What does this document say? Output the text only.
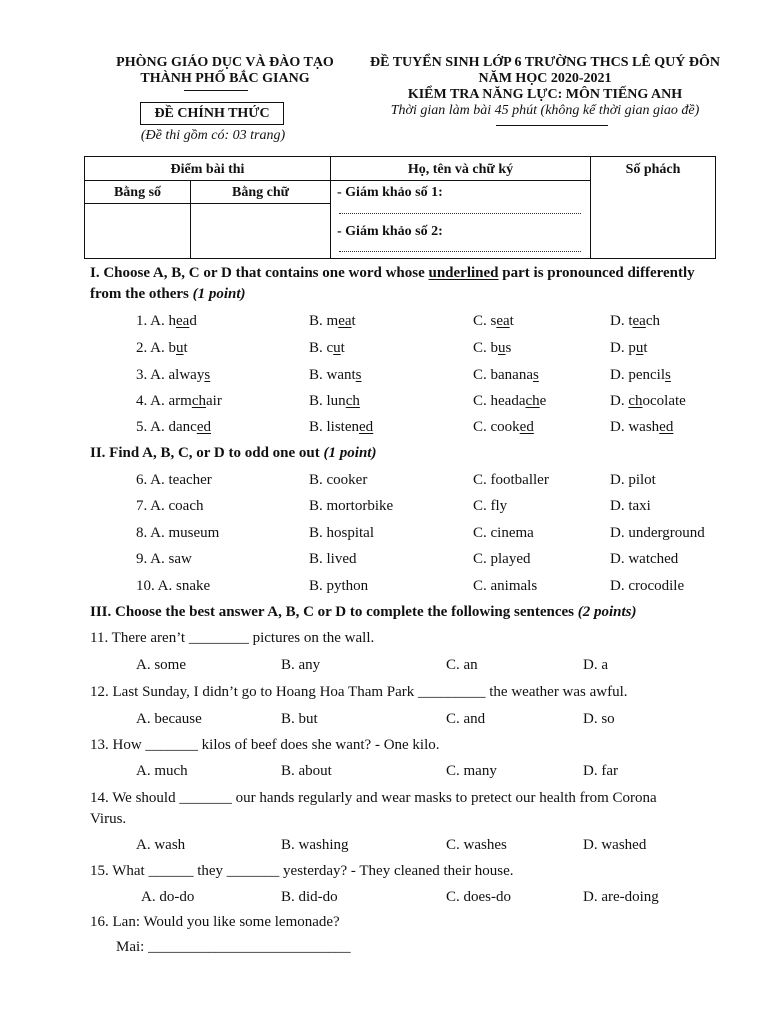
PHÒNG GIÁO DỤC VÀ ĐÀO TẠO
THÀNH PHỐ BẮC GIANG
ĐỀ CHÍNH THỨC
(Đề thi gồm có: 03 trang)
ĐỀ TUYỂN SINH LỚP 6 TRƯỜNG THCS LÊ QUÝ ĐÔN
NĂM HỌC 2020-2021
KIỂM TRA NĂNG LỰC: MÔN TIẾNG ANH
Thời gian làm bài 45 phút (không kể thời gian giao đề)
Điểm bài thi
Bằng số	Bằng chữ
Họ, tên và chữ ký
- Giám khảo số 1:
- Giám khảo số 2:
Số phách
I. Choose A, B, C or D that contains one word whose underlined part is pronounced differently from the others (1 point)
1. A. head	B. meat	C. seat	D. teach
2. A. but	B. cut	C. bus	D. put
3. A. always	B. wants	C. bananas	D. pencils
4. A. armchair	B. lunch	C. headache	D. chocolate
5. A. danced	B. listened	C. cooked	D. washed
II. Find A, B, C, or D to odd one out (1 point)
6. A. teacher	B. cooker	C. footballer	D. pilot
7. A. coach	B. mortorbike	C. fly	D. taxi
8. A. museum	B. hospital	C. cinema	D. underground
9. A. saw	B. lived	C. played	D. watched
10. A. snake	B. python	C. animals	D. crocodile
III. Choose the best answer A, B, C or D to complete the following sentences (2 points)
11. There aren’t ________ pictures on the wall.
A. some	B. any	C. an	D. a
12. Last Sunday, I didn’t go to Hoang Hoa Tham Park _________ the weather was awful.
A. because	B. but	C. and	D. so
13. How _______ kilos of beef does she want? - One kilo.
A. much	B. about	C. many	D. far
14. We should _______ our hands regularly and wear masks to pretect our health from Corona
Virus.
A. wash	B. washing	C. washes	D. washed
15. What ______ they _______ yesterday? - They cleaned their house.
A. do-do	B. did-do	C. does-do	D. are-doing
16. Lan: Would you like some lemonade?
Mai: ___________________________
